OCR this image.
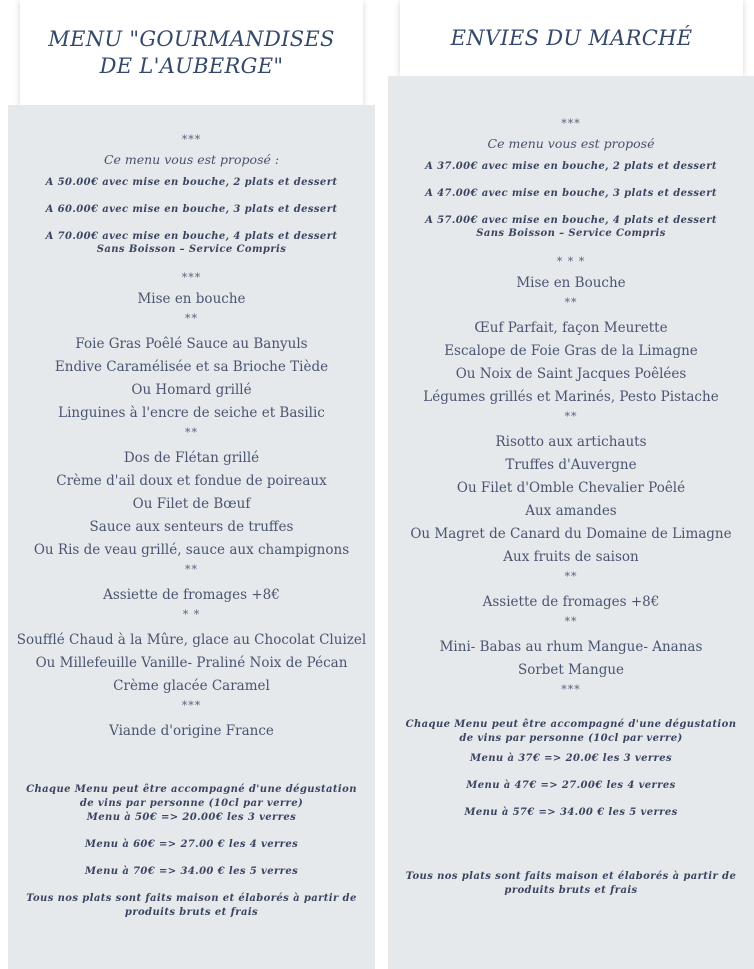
MENU "GOURMANDISES DE L'AUBERGE"
***
Ce menu vous est proposé :

A 50.00€ avec mise en bouche, 2 plats et dessert

A 60.00€ avec mise en bouche, 3 plats et dessert

A 70.00€ avec mise en bouche, 4 plats et dessert

Sans Boisson – Service Compris

***
Mise en bouche
**
Foie Gras Poêlé Sauce au Banyuls
Endive Caramélisée et sa Brioche Tiède
Ou Homard grillé
Linguines à l'encre de seiche et Basilic
**
Dos de Flétan grillé
Crème d'ail doux et fondue de poireaux
Ou Filet de Bœuf
Sauce aux senteurs de truffes
Ou Ris de veau grillé, sauce aux champignons
**
Assiette de fromages +8€
* *
Soufflé Chaud à la Mûre, glace au Chocolat Cluizel
Ou Millefeuille Vanille- Praliné Noix de Pécan
Crème glacée Caramel
***
Viande d'origine France
Chaque Menu peut être accompagné d'une dégustation de vins par personne (10cl par verre)
Menu à 50€ => 20.00€ les 3 verres
Menu à 60€ => 27.00 € les 4 verres
Menu à 70€ => 34.00 € les 5 verres
Tous nos plats sont faits maison et élaborés à partir de produits bruts et frais
ENVIES DU MARCHÉ
***
Ce menu vous est proposé

A 37.00€ avec mise en bouche, 2 plats et dessert

A 47.00€ avec mise en bouche, 3 plats et dessert

A 57.00€ avec mise en bouche, 4 plats et dessert

Sans Boisson – Service Compris

* * *
Mise en Bouche
**
Œuf Parfait, façon Meurette
Escalope de Foie Gras de la Limagne
Ou Noix de Saint Jacques Poêlées
Légumes grillés et Marinés, Pesto Pistache
**
Risotto aux artichauts
Truffes d'Auvergne
Ou Filet d'Omble Chevalier Poêlé
Aux amandes
Ou Magret de Canard du Domaine de Limagne
Aux fruits de saison
**
Assiette de fromages +8€
**
Mini- Babas au rhum Mangue- Ananas
Sorbet Mangue
***
Chaque Menu peut être accompagné d'une dégustation de vins par personne (10cl par verre)
Menu à 37€ => 20.0€ les 3 verres
Menu à 47€ => 27.00€ les 4 verres
Menu à 57€ => 34.00 € les 5 verres
Tous nos plats sont faits maison et élaborés à partir de produits bruts et frais
